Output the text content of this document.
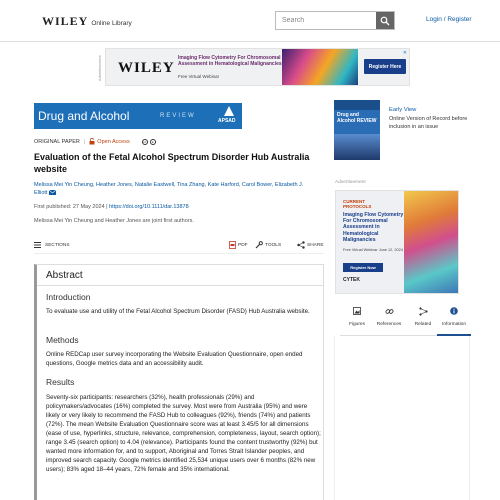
WILEY Online Library
Search
Login / Register
Advertisement WILEY
Imaging Flow Cytometry For Chromosomal Assessment in Hematological Malignancies
Free Virtual Webinar
Register Here
✕
Drug and Alcohol	REVIEW
APSAD
ORIGINAL PAPER | Open Access	cc	●
Evaluation of the Fetal Alcohol Spectrum Disorder Hub Australia website
Melissa Mei Yin Cheung, Heather Jones, Natalie Eastwell, Tina Zhang, Kate Harford, Carol Bower, Elizabeth J. Elliott
First published: 27 May 2024 | https://doi.org/10.1111/dar.13878
Melissa Mei Yin Cheung and Heather Jones are joint first authors.
SECTIONS	PDF	TOOLS	SHARE
Abstract
Introduction

To evaluate use and utility of the Fetal Alcohol Spectrum Disorder (FASD) Hub Australia website.

Methods

Online REDCap user survey incorporating the Website Evaluation Questionnaire, open ended questions, Google metrics data and an accessibility audit.

Results

Seventy-six participants: researchers (32%), health professionals (29%) and policymakers/advocates (16%) completed the survey. Most were from Australia (95%) and were likely or very likely to recommend the FASD Hub to colleagues (92%), friends (74%) and patients (72%). The mean Website Evaluation Questionnaire score was at least 3.45/5 for all dimensions (ease of use, hyperlinks, structure, relevance, comprehension, completeness, layout, search option); range 3.45 (search option) to 4.04 (relevance). Participants found the content trustworthy (92%) but wanted more information for, and to support, Aboriginal and Torres Strait Islander peoples, and improved search capacity. Google metrics identified 25,534 unique users over 6 months (82% new users); 83% aged 18–44 years, 72% female and 35% international.

Drug and Alcohol REVIEW
Early View
Online Version of Record before inclusion in an issue
Advertisement
CURRENT PROTOCOLS
Imaging Flow Cytometry For Chromosomal Assessment in Hematological Malignancies
Free Virtual Webinar June 12, 2024
Register Now
CYTEK
Figures References	Related Information
